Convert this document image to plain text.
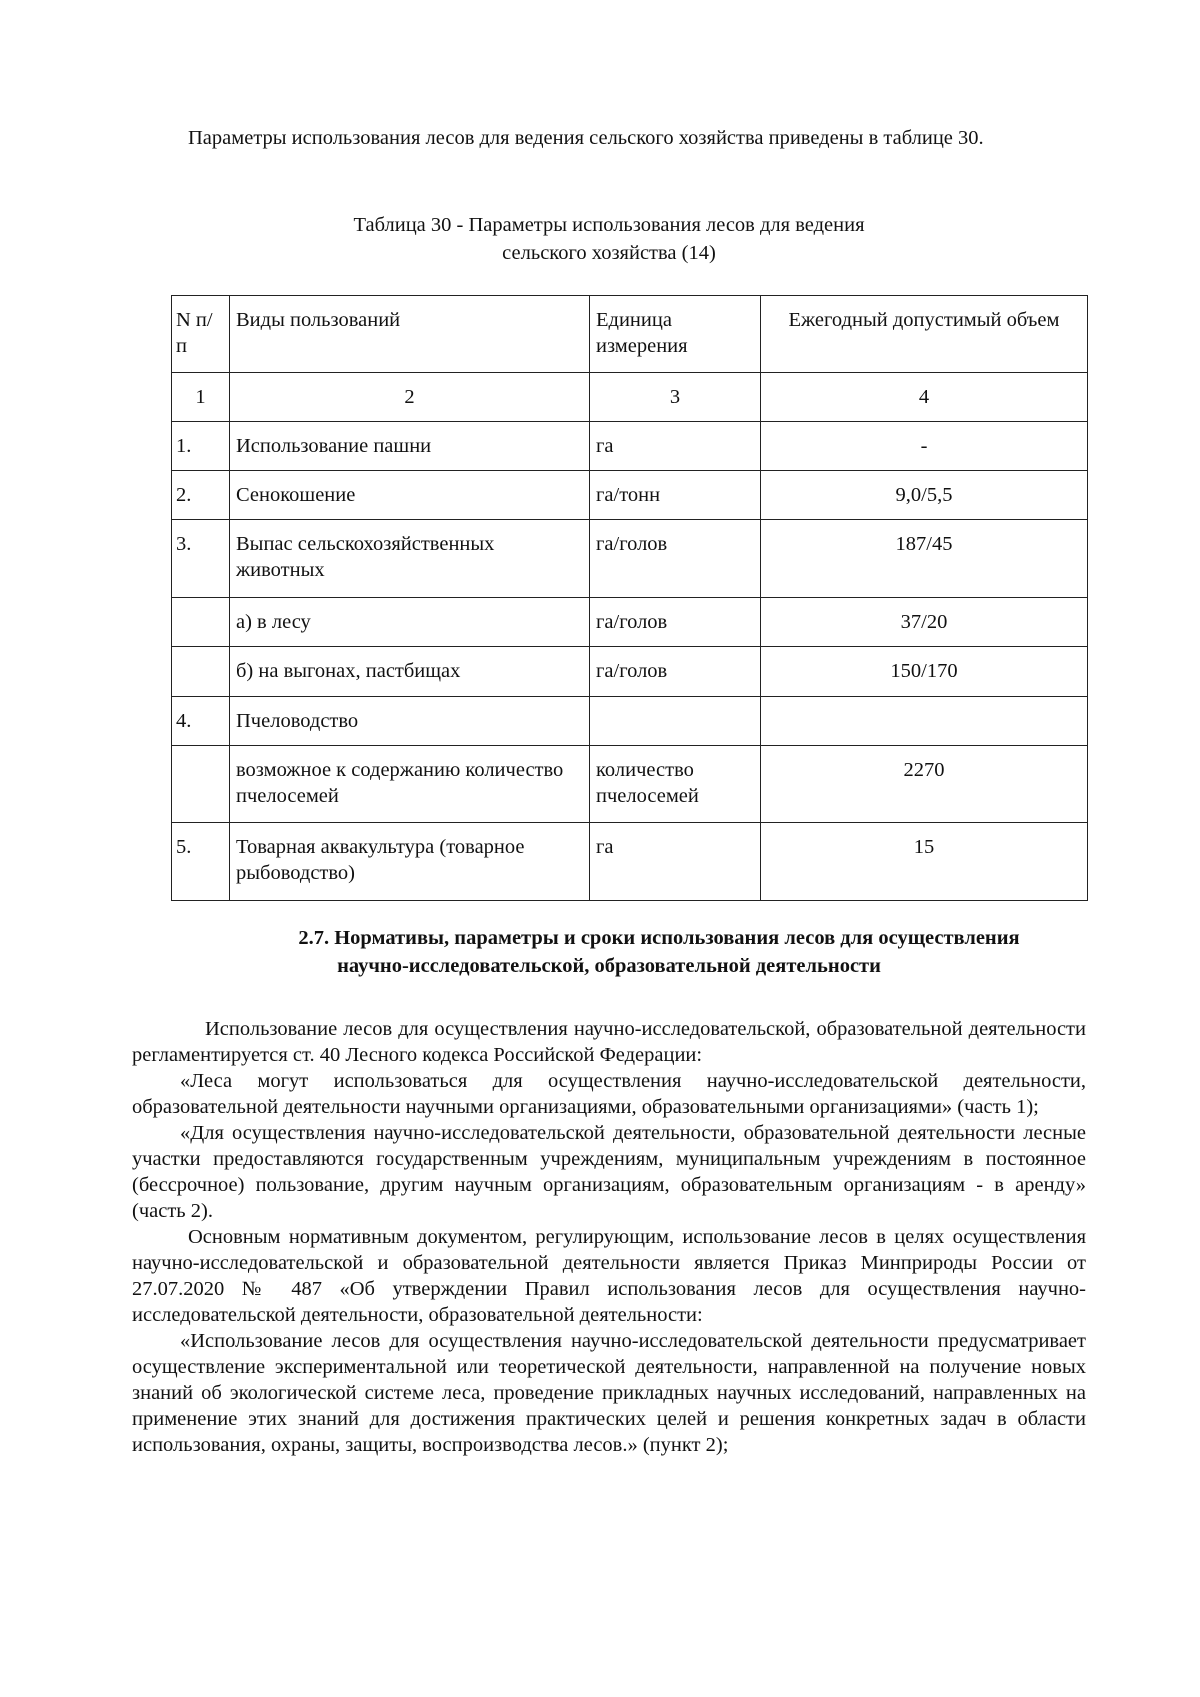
Параметры использования лесов для ведения сельского хозяйства приведены в таблице 30.

Таблица 30 - Параметры использования лесов для ведения
сельского хозяйства (14)
N п/п	Виды пользований	Единица измерения	Ежегодный допустимый объем
1	2	3	4
1.	Использование пашни	га	-
2.	Сенокошение	га/тонн	9,0/5,5
3.	Выпас сельскохозяйственных животных	га/голов	187/45
	а) в лесу	га/голов	37/20
	б) на выгонах, пастбищах	га/голов	150/170
4.	Пчеловодство		
	возможное к содержанию количество пчелосемей	количество пчелосемей	2270
5.	Товарная аквакультура (товарное рыбоводство)	га	15
2.7. Нормативы, параметры и сроки использования лесов для осуществления
научно-исследовательской, образовательной деятельности

Использование лесов для осуществления научно-исследовательской, образовательной деятельности регламентируется ст. 40 Лесного кодекса Российской Федерации:

«Леса могут использоваться для осуществления научно-исследовательской деятельности, образовательной деятельности научными организациями, образовательными организациями» (часть 1);

«Для осуществления научно-исследовательской деятельности, образовательной деятельности лесные участки предоставляются государственным учреждениям, муниципальным учреждениям в постоянное (бессрочное) пользование, другим научным организациям, образовательным организациям - в аренду» (часть 2).

Основным нормативным документом, регулирующим, использование лесов в целях осуществления научно-исследовательской и образовательной деятельности является Приказ Минприроды России от 27.07.2020 № 487 «Об утверждении Правил использования лесов для осуществления научно-исследовательской деятельности, образовательной деятельности:

«Использование лесов для осуществления научно-исследовательской деятельности предусматривает осуществление экспериментальной или теоретической деятельности, направленной на получение новых знаний об экологической системе леса, проведение прикладных научных исследований, направленных на применение этих знаний для достижения практических целей и решения конкретных задач в области использования, охраны, защиты, воспроизводства лесов.» (пункт 2);
